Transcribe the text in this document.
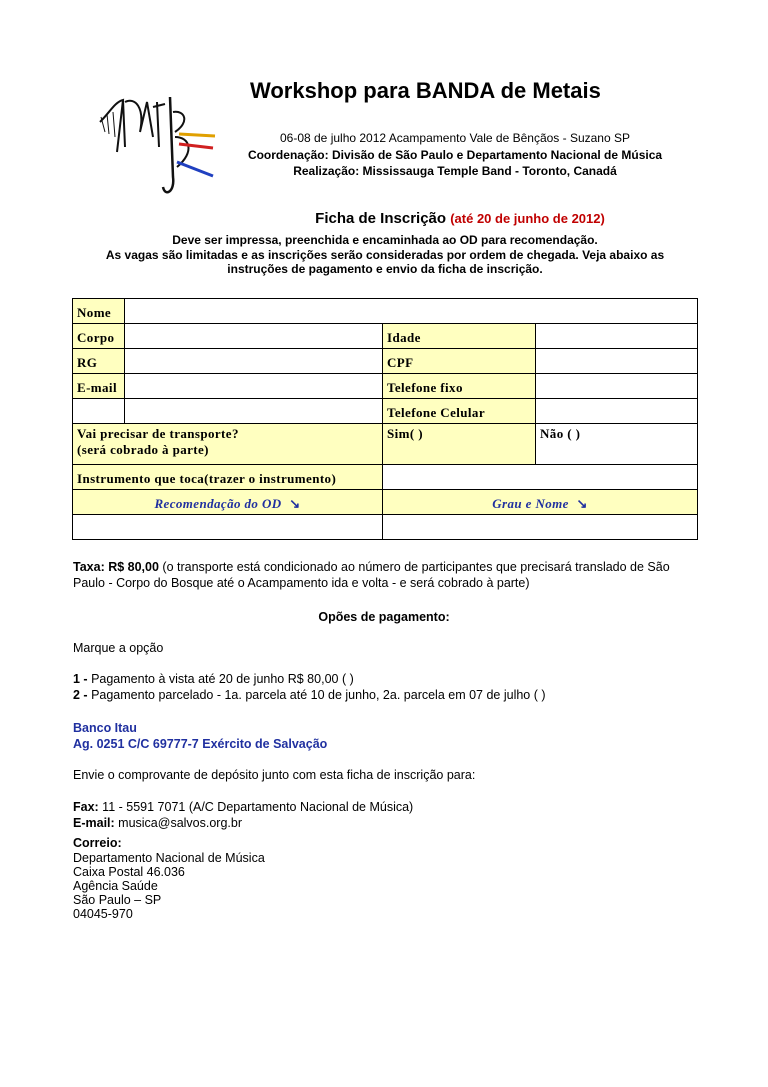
Workshop para BANDA de Metais
06-08 de julho 2012 Acampamento Vale de Bênçãos - Suzano SP
Coordenação: Divisão de São Paulo e Departamento Nacional de Música
Realização: Mississauga Temple Band - Toronto, Canadá
Ficha de Inscrição (até 20 de junho de 2012)
Deve ser impressa, preenchida e encaminhada ao OD para recomendação.
As vagas são limitadas e as inscrições serão consideradas por ordem de chegada. Veja abaixo as
instruções de pagamento e envio da ficha de inscrição.
Nome			
Corpo		Idade	
RG		CPF	
E-mail		Telefone fixo	
		Telefone Celular	

Vai precisar de transporte?
(será cobrado à parte)		Sim( )	Não ( )
Instrumento que toca(trazer o instrumento)			
Recomendação do OD ↘		Grau e Nome ↘	

Taxa: R$ 80,00 (o transporte está condicionado ao número de participantes que precisará translado de São
Paulo - Corpo do Bosque até o Acampamento ida e volta - e será cobrado à parte)
Opões de pagamento:
Marque a opção
1 - Pagamento à vista até 20 de junho R$ 80,00 ( )
2 - Pagamento parcelado - 1a. parcela até 10 de junho, 2a. parcela em 07 de julho ( )
Banco Itau
Ag. 0251 C/C 69777-7 Exército de Salvação
Envie o comprovante de depósito junto com esta ficha de inscrição para:
Fax: 11 - 5591 7071 (A/C Departamento Nacional de Música)
E-mail: musica@salvos.org.br
Correio:
Departamento Nacional de Música
Caixa Postal 46.036
Agência Saúde
São Paulo – SP
04045-970
